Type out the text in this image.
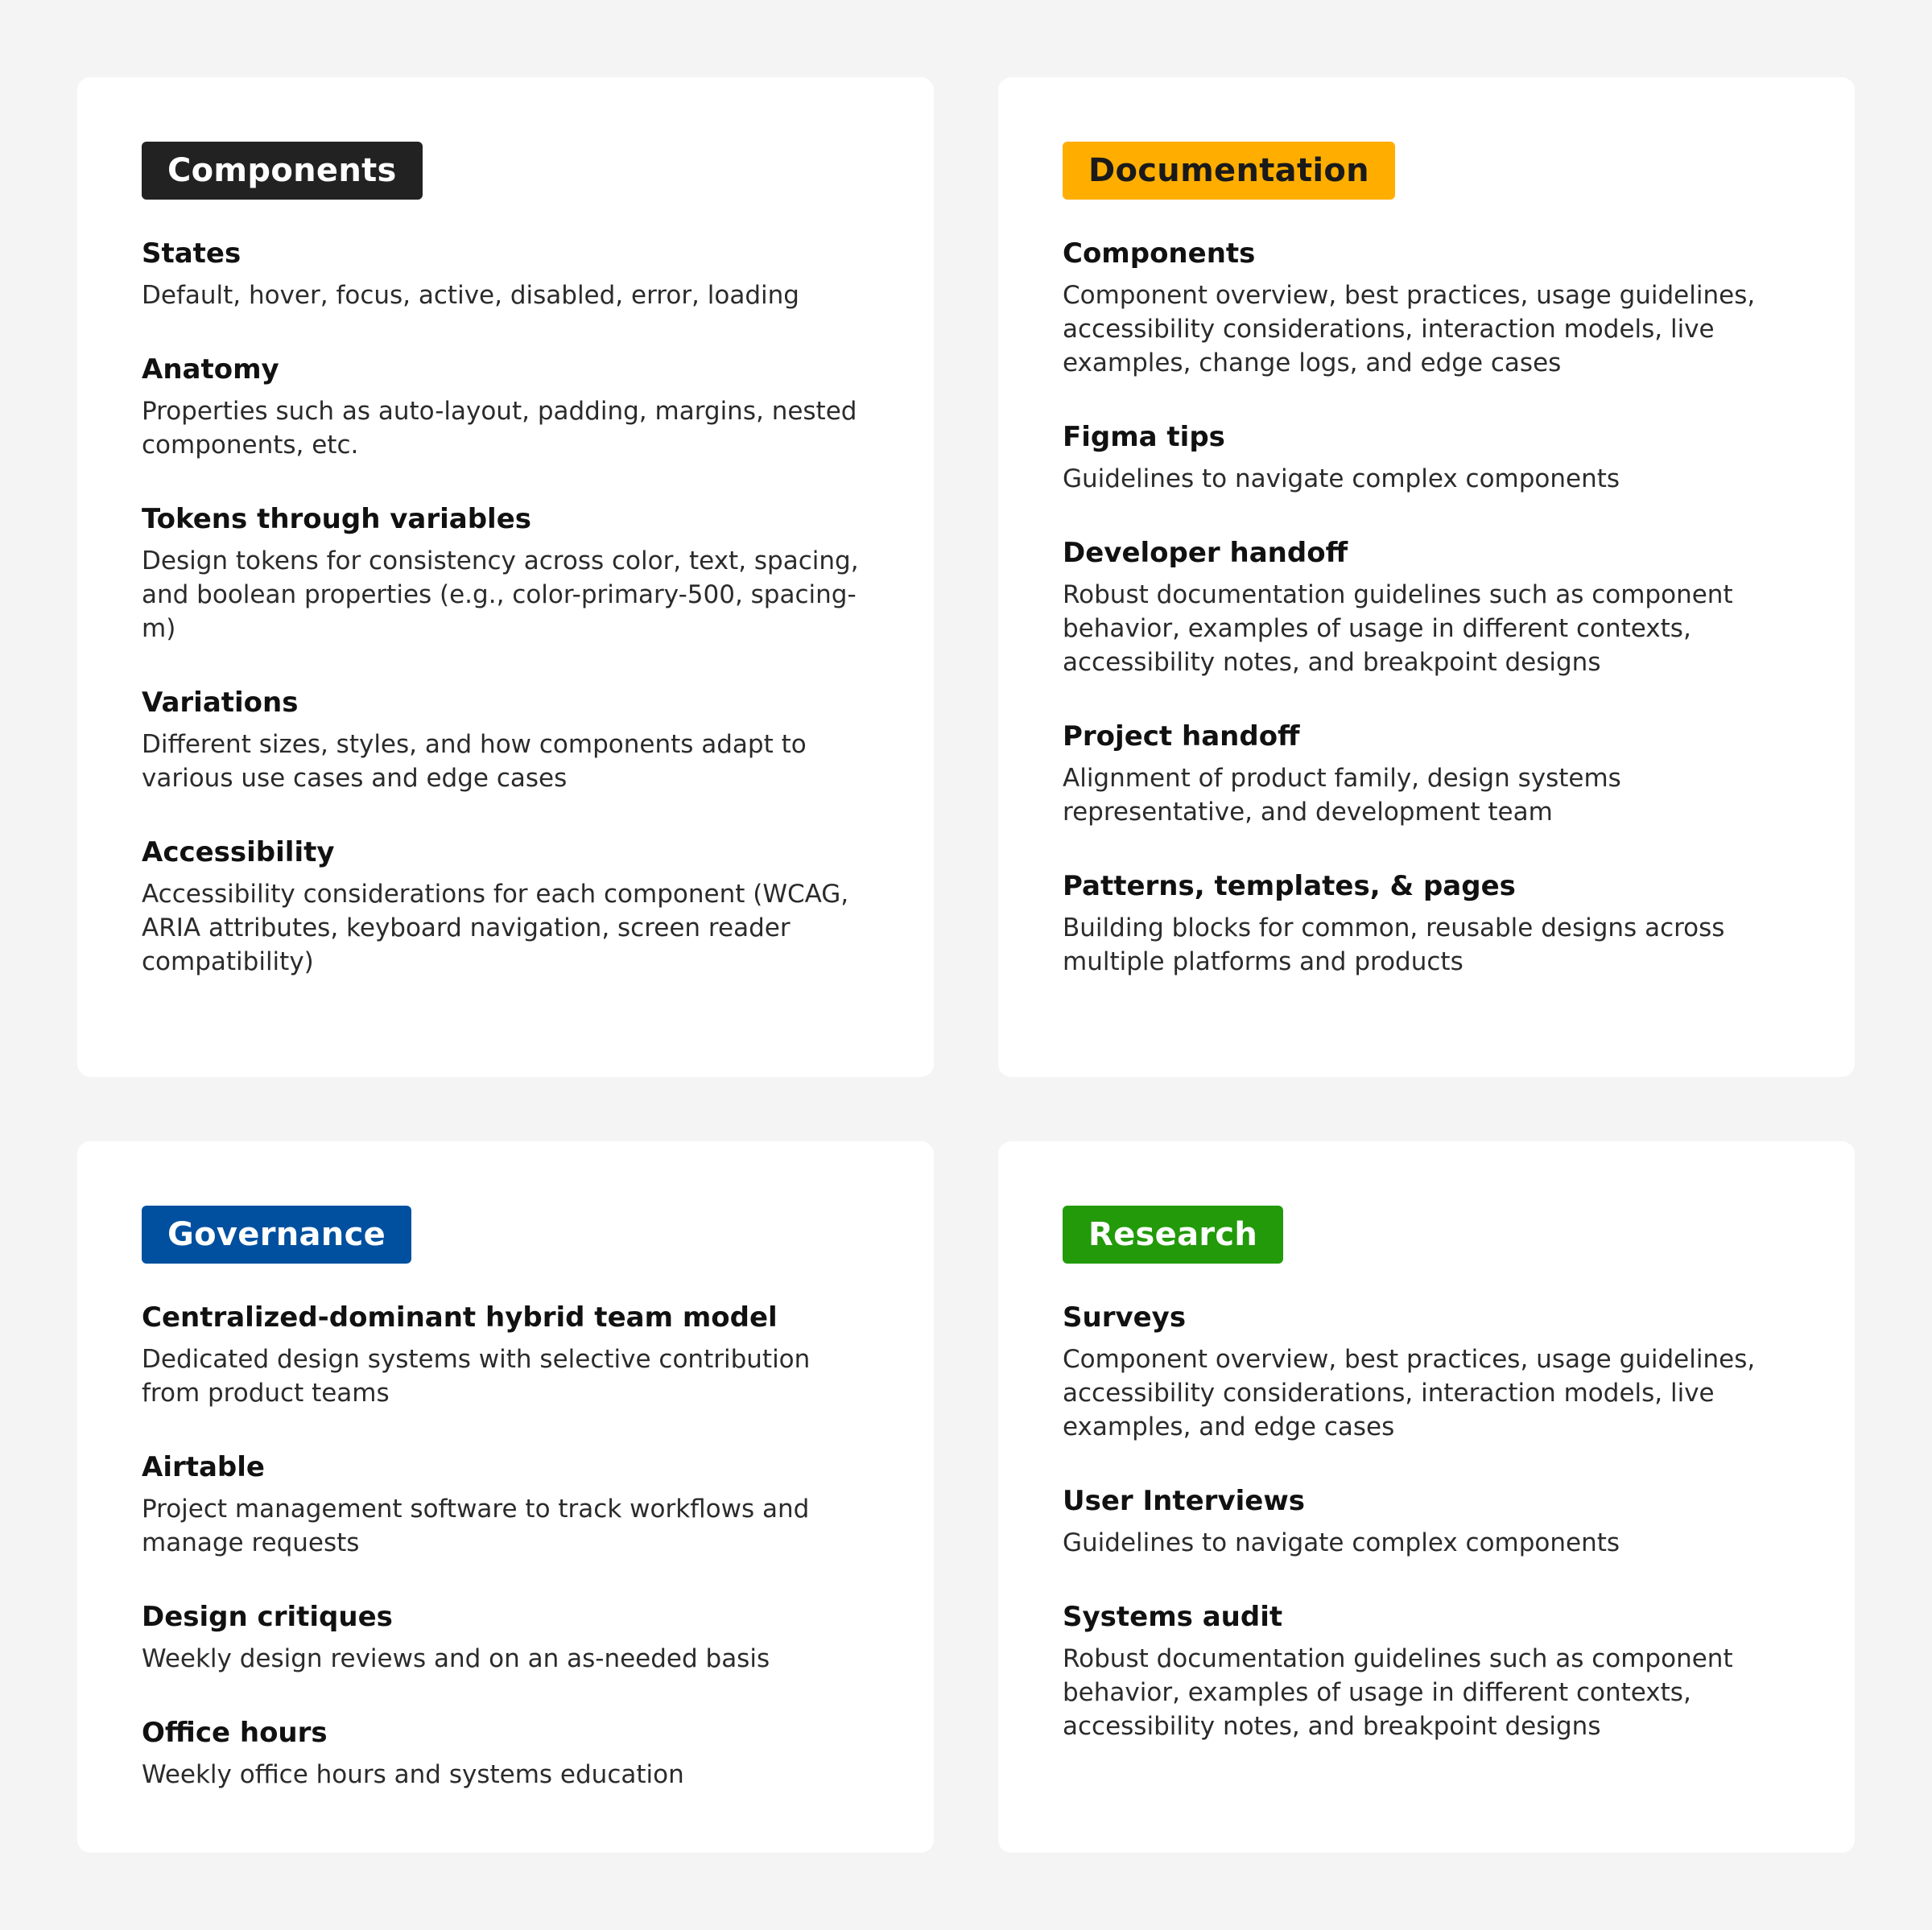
Components

States

Default, hover, focus, active, disabled, error, loading

Anatomy

Properties such as auto-layout, padding, margins, nested components, etc.

Tokens through variables

Design tokens for consistency across color, text, spacing, and boolean properties (e.g., color-primary-500, spacing-m)

Variations

Different sizes, styles, and how components adapt to various use cases and edge cases

Accessibility

Accessibility considerations for each component (WCAG, ARIA attributes, keyboard navigation, screen reader compatibility)

Documentation

Components

Component overview, best practices, usage guidelines, accessibility considerations, interaction models, live examples, change logs, and edge cases

Figma tips

Guidelines to navigate complex components

Developer handoff

Robust documentation guidelines such as component behavior, examples of usage in different contexts, accessibility notes, and breakpoint designs

Project handoff

Alignment of product family, design systems representative, and development team

Patterns, templates, & pages

Building blocks for common, reusable designs across multiple platforms and products

Governance

Centralized-dominant hybrid team model

Dedicated design systems with selective contribution from product teams

Airtable

Project management software to track workflows and manage requests

Design critiques

Weekly design reviews and on an as-needed basis

Office hours

Weekly office hours and systems education

Research

Surveys

Component overview, best practices, usage guidelines, accessibility considerations, interaction models, live examples, and edge cases

User Interviews

Guidelines to navigate complex components

Systems audit

Robust documentation guidelines such as component behavior, examples of usage in different contexts, accessibility notes, and breakpoint designs
